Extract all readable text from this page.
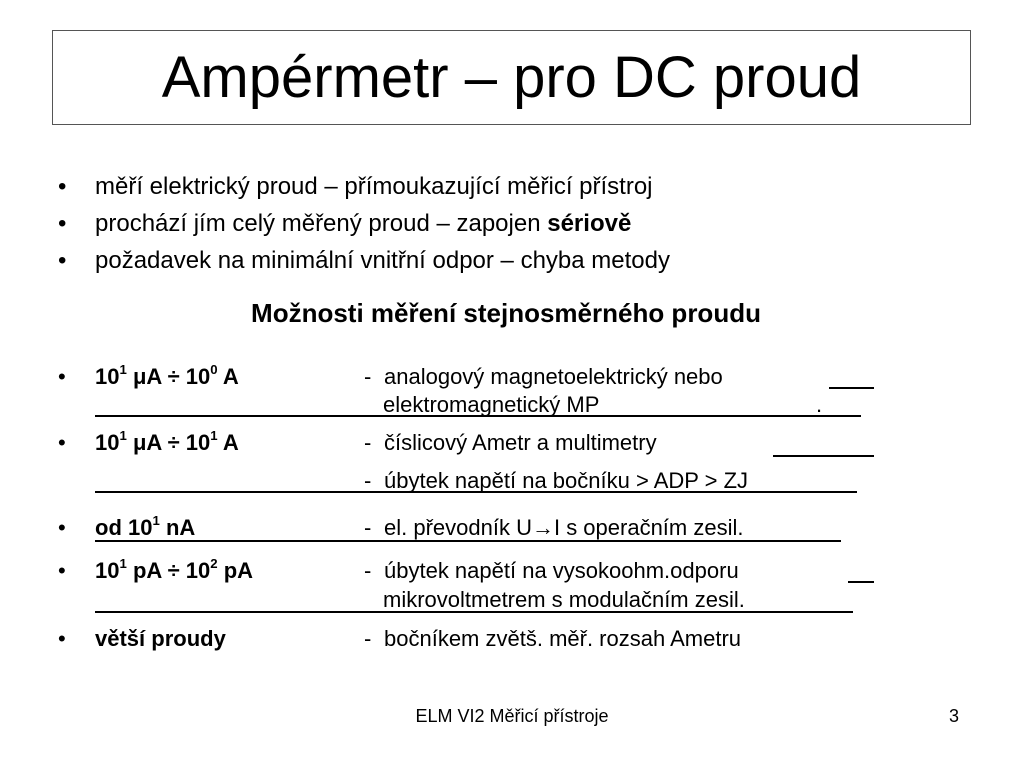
Ampérmetr – pro DC proud
• měří elektrický proud – přímoukazující měřicí přístroj
• prochází jím celý měřený proud – zapojen sériově
• požadavek na minimální vnitřní odpor – chyba metody
Možnosti měření stejnosměrného proudu
• $10^1$ $\mu A \div 10^0$ A	- analogový magnetoelektrický nebo
elektromagnetický MP	.
• $10^1$ $\mu A \div 10^1$ A	- číslicový Ametr a multimetry
- úbytek napětí na bočníku > ADP > ZJ
• od $10^1$ nA	- el. převodník U→I s operačním zesil.
• $10^1$ pA ÷ $10^2$ pA	- úbytek napětí na vysokoohm.odporu
mikrovoltmetrem s modulačním zesil.
• větší proudy	- bočníkem zvětš. měř. rozsah Ametru
ELM VI2 Měřicí přístroje	3
